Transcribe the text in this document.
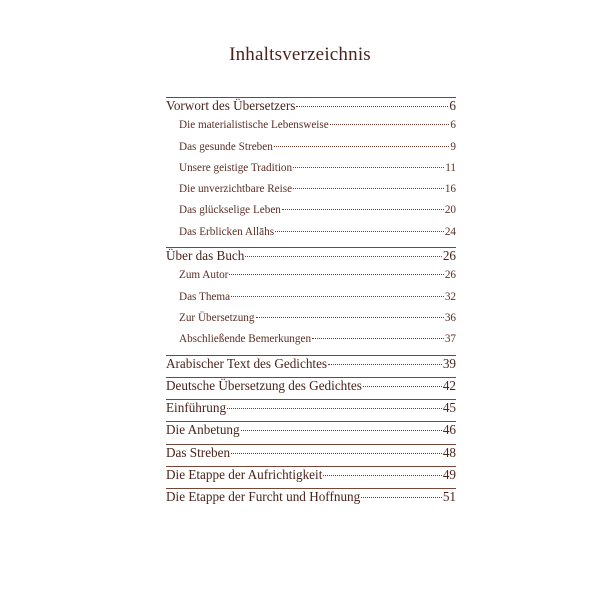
Inhaltsverzeichnis
Vorwort des Übersetzers	6
Die materialistische Lebensweise	6
Das gesunde Streben	9
Unsere geistige Tradition	11
Die unverzichtbare Reise	16
Das glückselige Leben	20
Das Erblicken Allāhs	24
Über das Buch	26
Zum Autor	26
Das Thema	32
Zur Übersetzung	36
Abschließende Bemerkungen	37
Arabischer Text des Gedichtes	39
Deutsche Übersetzung des Gedichtes	42
Einführung	45
Die Anbetung	46
Das Streben	48
Die Etappe der Aufrichtigkeit	49
Die Etappe der Furcht und Hoffnung	51
